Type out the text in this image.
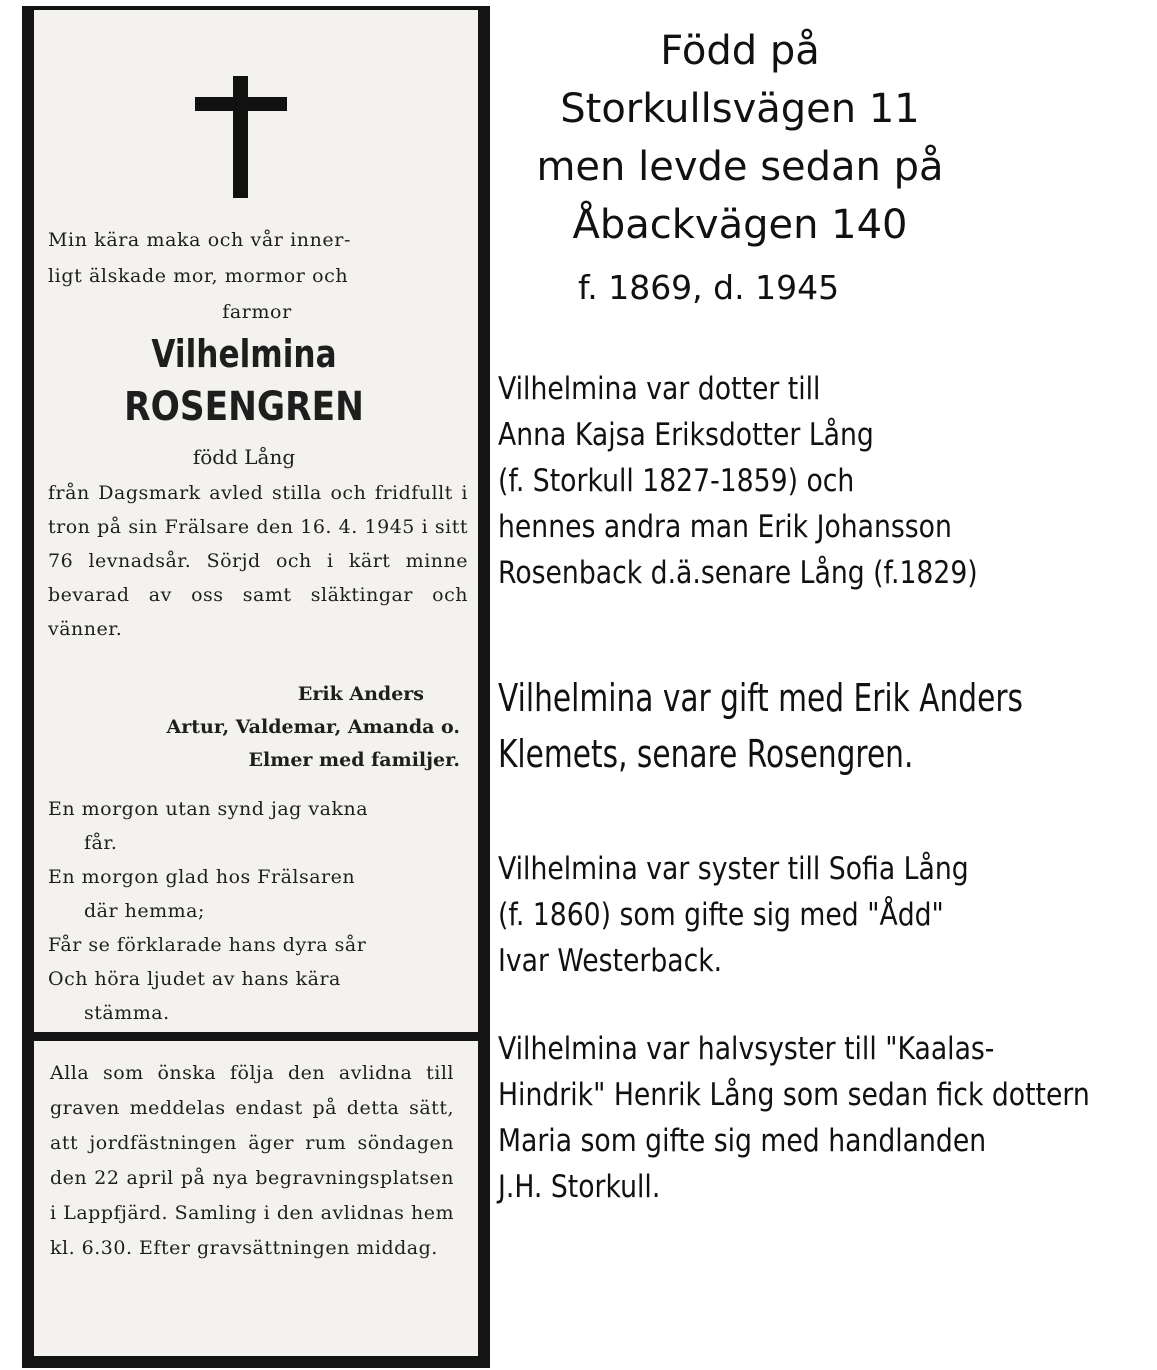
Min kära maka och vår inner-
ligt älskade mor, mormor och
farmor
Vilhelmina
ROSENGREN
född Lång
från Dagsmark avled stilla och fridfullt i tron på sin Frälsare den 16. 4. 1945 i sitt 76 levnadsår. Sörjd och i kärt minne bevarad av oss samt släktingar och vänner.
Erik Anders
Artur, Valdemar, Amanda o.
Elmer med familjer.
En morgon utan synd jag vakna
får.
En morgon glad hos Frälsaren
där hemma;
Får se förklarade hans dyra sår
Och höra ljudet av hans kära
stämma.
Alla som önska följa den avlidna till graven meddelas endast på detta sätt, att jordfästningen äger rum söndagen den 22 april på nya begravningsplatsen i Lappfjärd. Samling i den avlidnas hem kl. 6.30. Efter gravsättningen middag.
Född på
Storkullsvägen 11
men levde sedan på
Åbackvägen 140
f. 1869, d. 1945
Vilhelmina var dotter till
Anna Kajsa Eriksdotter Lång
(f. Storkull 1827-1859) och
hennes andra man Erik Johansson
Rosenback d.ä.senare Lång (f.1829)
Vilhelmina var gift med Erik Anders
Klemets, senare Rosengren.
Vilhelmina var syster till Sofia Lång
(f. 1860) som gifte sig med "Ådd"
Ivar Westerback.
Vilhelmina var halvsyster till "Kaalas-
Hindrik" Henrik Lång som sedan fick dottern
Maria som gifte sig med handlanden
J.H. Storkull.
